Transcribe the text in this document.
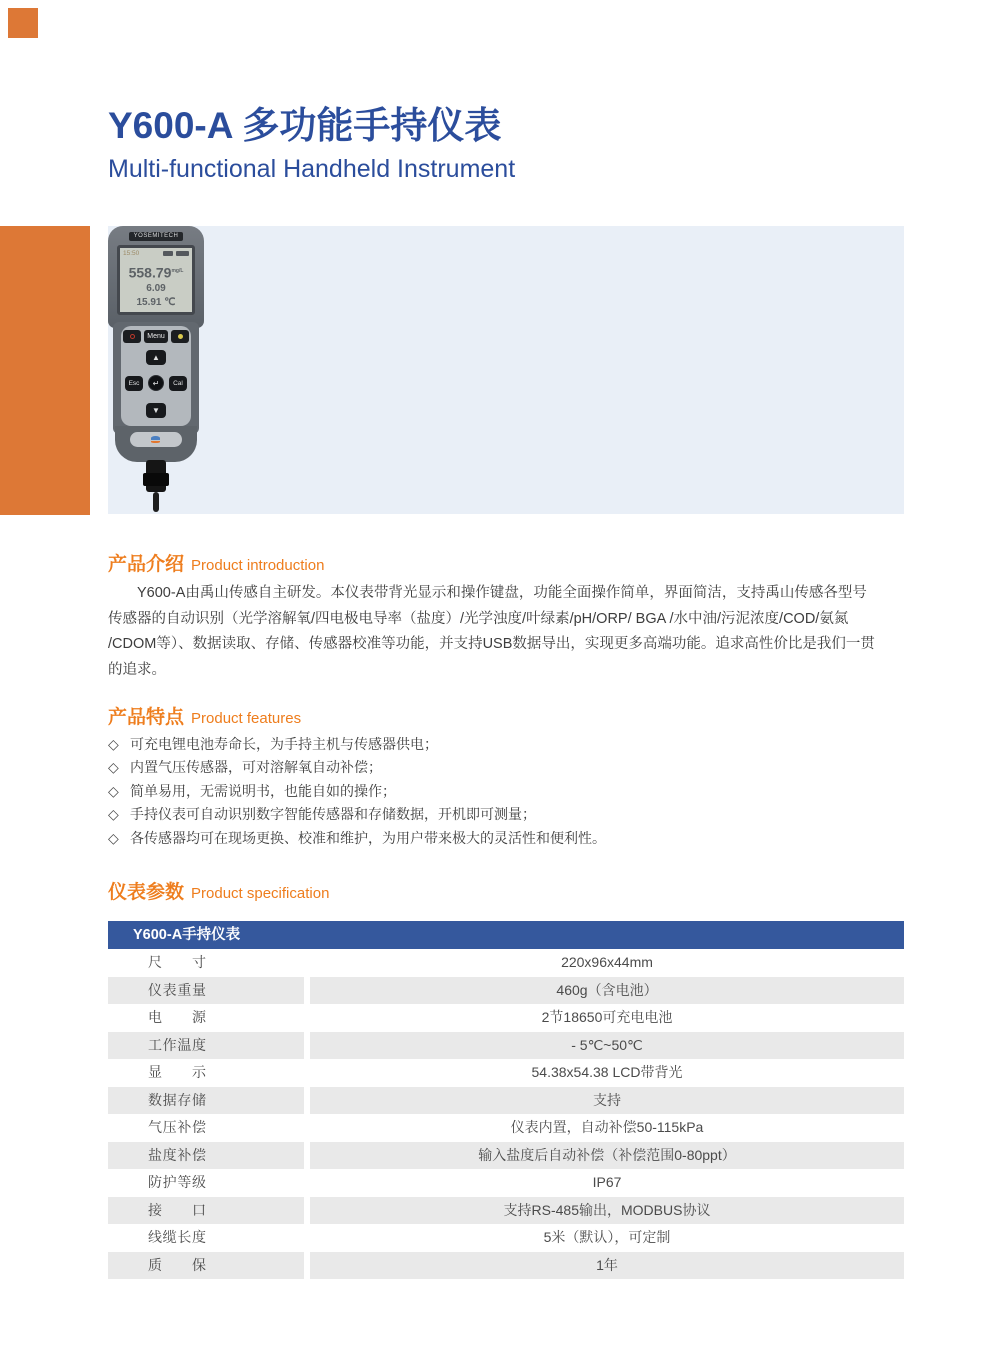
Y600-A 多功能手持仪表
Multi-functional Handheld Instrument
YOSEMITECH
15:50
$558.79^{mg/L}$
6.09
15.91 ℃
Menu
▲
Esc	↵	Cal
▼
产品介绍 Product introduction
Y600-A由禹山传感自主研发。本仪表带背光显示和操作键盘，功能全面操作简单，界面简洁，支持禹山传感各型号
传感器的自动识别（光学溶解氧/四电极电导率（盐度）/光学浊度/叶绿素/pH/ORP/ BGA /水中油/污泥浓度/COD/氨氮
/CDOM等）、数据读取、存储、传感器校准等功能，并支持USB数据导出，实现更多高端功能。追求高性价比是我们一贯
的追求。
产品特点 Product features
◇ 可充电锂电池寿命长，为手持主机与传感器供电；
◇ 内置气压传感器，可对溶解氧自动补偿；
◇ 简单易用，无需说明书，也能自如的操作；
◇ 手持仪表可自动识别数字智能传感器和存储数据，开机即可测量；
◇ 各传感器均可在现场更换、校准和维护，为用户带来极大的灵活性和便利性。
仪表参数 Product specification
Y600-A手持仪表
尺寸	220x96x44mm
仪表重量	460g（含电池）
电源	2节18650可充电电池
工作温度	- 5℃~50℃
显示	54.38x54.38 LCD带背光
数据存储	支持
气压补偿	仪表内置，自动补偿50-115kPa
盐度补偿	输入盐度后自动补偿（补偿范围0-80ppt）
防护等级	IP67
接口	支持RS-485输出，MODBUS协议
线缆长度	5米（默认），可定制
质保	1年
